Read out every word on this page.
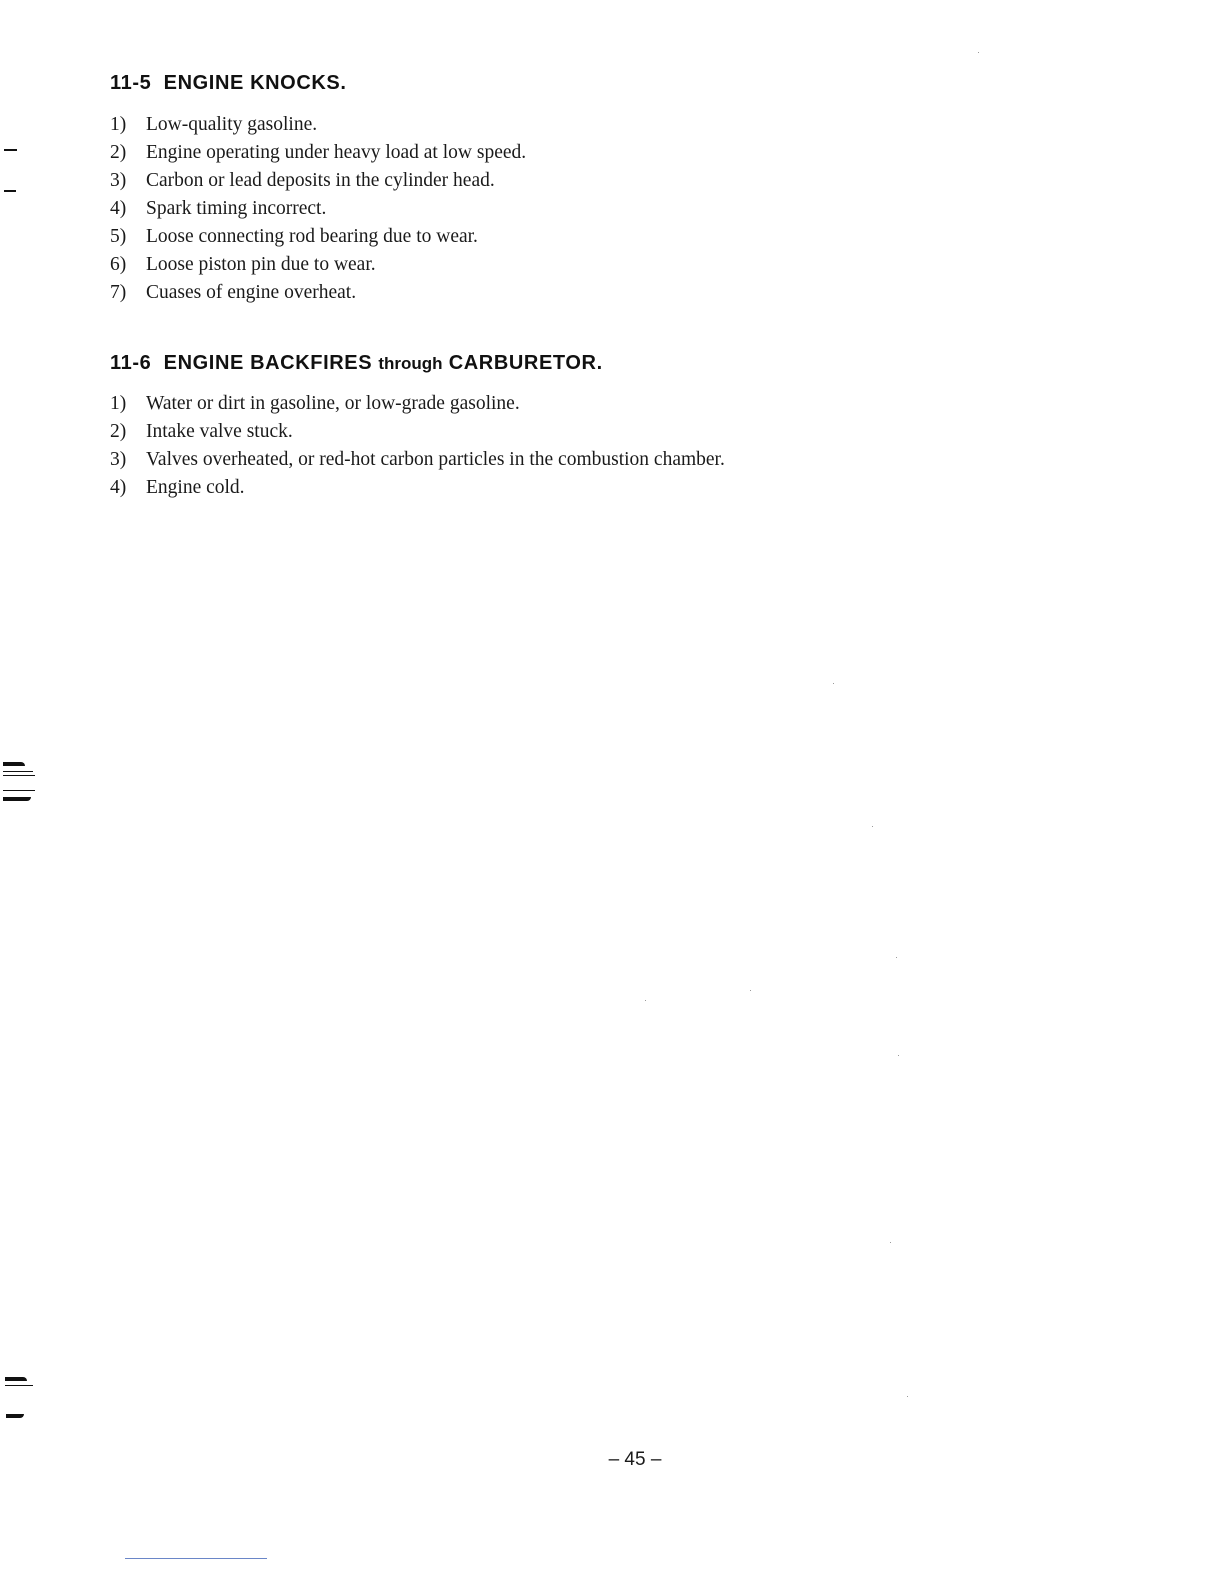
11-5 ENGINE KNOCKS.
1) Low-quality gasoline.
2) Engine operating under heavy load at low speed.
3) Carbon or lead deposits in the cylinder head.
4) Spark timing incorrect.
5) Loose connecting rod bearing due to wear.
6) Loose piston pin due to wear.
7) Cuases of engine overheat.
11-6 ENGINE BACKFIRES through CARBURETOR.
1) Water or dirt in gasoline, or low-grade gasoline.
2) Intake valve stuck.
3) Valves overheated, or red-hot carbon particles in the combustion chamber.
4) Engine cold.
– 45 –
